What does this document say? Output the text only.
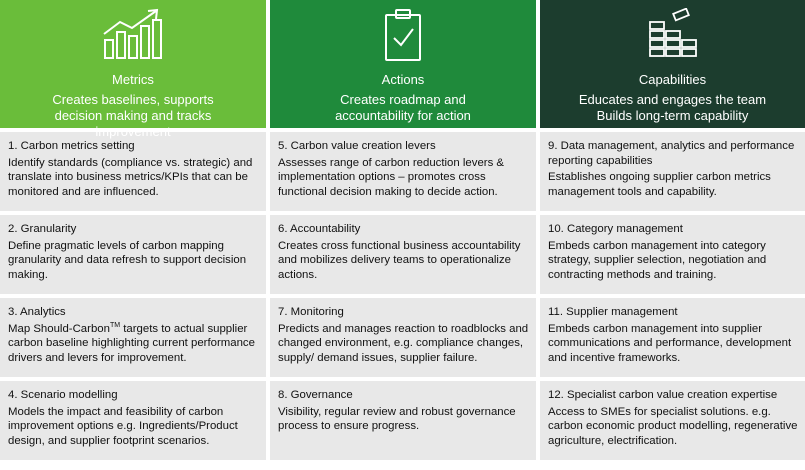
Metrics
Creates baselines, supports decision making and tracks improvement
1. Carbon metrics setting
Identify standards (compliance vs. strategic) and translate into business metrics/KPIs that can be monitored and are influenced.
2. Granularity
Define pragmatic levels of carbon mapping granularity and data refresh to support decision making.
3. Analytics
Map Should-Carbon™ targets to actual supplier carbon baseline highlighting current performance drivers and levers for improvement.
4. Scenario modelling
Models the impact and feasibility of carbon improvement options e.g. Ingredients/Product design, and supplier footprint scenarios.
Actions
Creates roadmap and accountability for action
5. Carbon value creation levers
Assesses range of carbon reduction levers & implementation options – promotes cross functional decision making to decide action.
6. Accountability
Creates cross functional business accountability and mobilizes delivery teams to operationalize actions.
7. Monitoring
Predicts and manages reaction to roadblocks and changed environment, e.g. compliance changes, supply/ demand issues, supplier failure.
8. Governance
Visibility, regular review and robust governance process to ensure progress.
Capabilities
Educates and engages the team Builds long-term capability
9. Data management, analytics and performance reporting capabilities
Establishes ongoing supplier carbon metrics management tools and capability.
10. Category management
Embeds carbon management into category strategy, supplier selection, negotiation and contracting methods and training.
11. Supplier management
Embeds carbon management into supplier communications and performance, development and incentive frameworks.
12. Specialist carbon value creation expertise
Access to SMEs for specialist solutions. e.g. carbon economic product modelling, regenerative agriculture, electrification.
